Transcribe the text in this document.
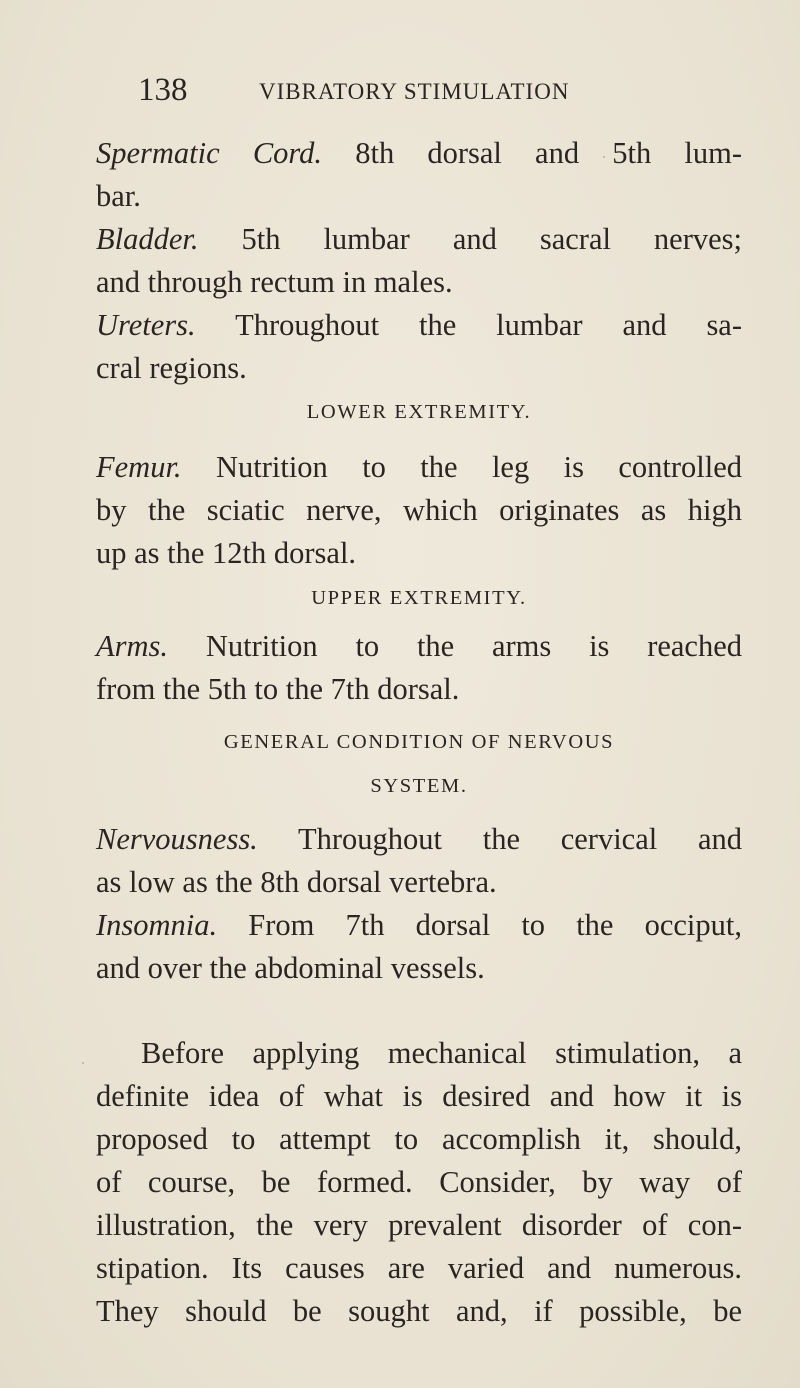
138	VIBRATORY STIMULATION

Spermatic Cord. 8th dorsal and 5th lum-

bar.

Bladder. 5th lumbar and sacral nerves;

and through rectum in males.

Ureters. Throughout the lumbar and sa-

cral regions.

LOWER EXTREMITY.

Femur. Nutrition to the leg is controlled

by the sciatic nerve, which originates as high

up as the 12th dorsal.

UPPER EXTREMITY.

Arms. Nutrition to the arms is reached

from the 5th to the 7th dorsal.

GENERAL CONDITION OF NERVOUS
SYSTEM.

Nervousness. Throughout the cervical and

as low as the 8th dorsal vertebra.

Insomnia. From 7th dorsal to the occiput,

and over the abdominal vessels.

Before applying mechanical stimulation, a

definite idea of what is desired and how it is

proposed to attempt to accomplish it, should,

of course, be formed. Consider, by way of

illustration, the very prevalent disorder of con-

stipation. Its causes are varied and numerous.

They should be sought and, if possible, be
